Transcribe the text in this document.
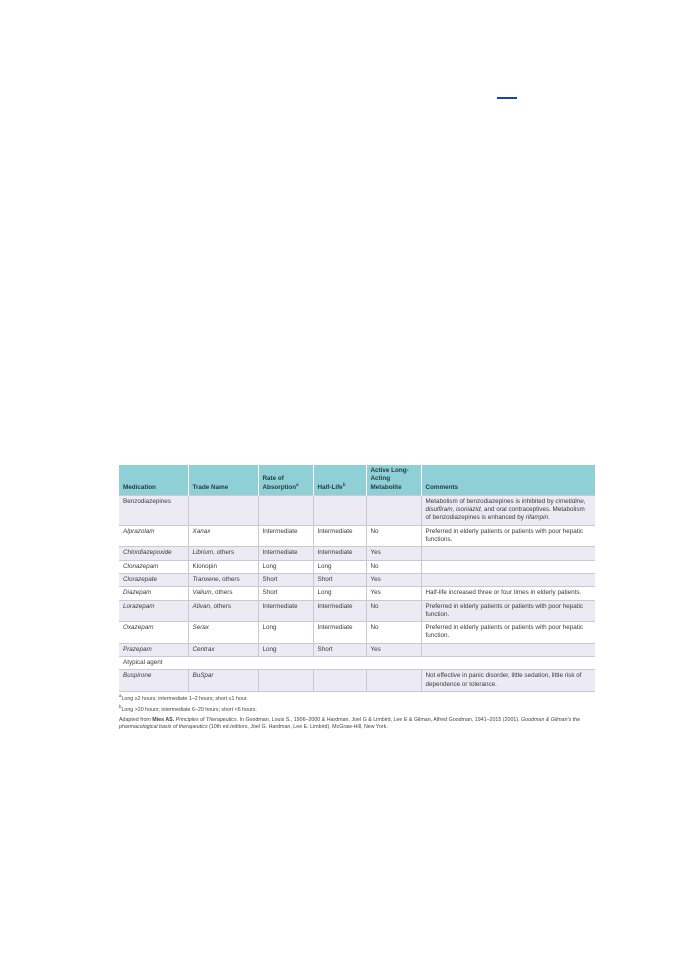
Medication	Trade Name	Rate of Absorption$^a$	Half-Life$^b$	Active Long-Acting Metabolite	Comments
Benzodiazepines					Metabolism of benzodiazepines is inhibited by cimetidine, disulfiram, isoniazid, and oral contraceptives. Metabolism of benzodiazepines is enhanced by rifampin.
Alprazolam	Xanax	Intermediate	Intermediate	No	Preferred in elderly patients or patients with poor hepatic functions.
Chlordiazepoxide	Librium, others	Intermediate	Intermediate	Yes	
Clonazepam	Klonopin	Long	Long	No	
Clorazepate	Tranxene, others	Short	Short	Yes	
Diazepam	Valium, others	Short	Long	Yes	Half-life increased three or four times in elderly patients.
Lorazepam	Ativan, others	Intermediate	Intermediate	No	Preferred in elderly patients or patients with poor hepatic function.
Oxazepam	Serax	Long	Intermediate	No	Preferred in elderly patients or patients with poor hepatic function.
Prazepam	Centrax	Long	Short	Yes	
Atypical agent					
Buspirone	BuSpar				Not effective in panic disorder, little sedation, little risk of dependence or tolerance.

$^a$Long ≥2 hours; intermediate 1–2 hours; short ≤1 hour.

$^b$Long >20 hours; intermediate 6–20 hours; short <6 hours.

Adapted from Mies AS. Principles of Therapeutics. In Goodman, Louis S., 1906–2000 & Hardman, Joel G & Limbird, Lee E & Gilman, Alfred Goodman, 1941–2015 (2001). Goodman & Gilman's the pharmacological basis of therapeutics (10th ed./editors, Joel G. Hardman, Lee E. Limbird). McGraw-Hill, New York.
